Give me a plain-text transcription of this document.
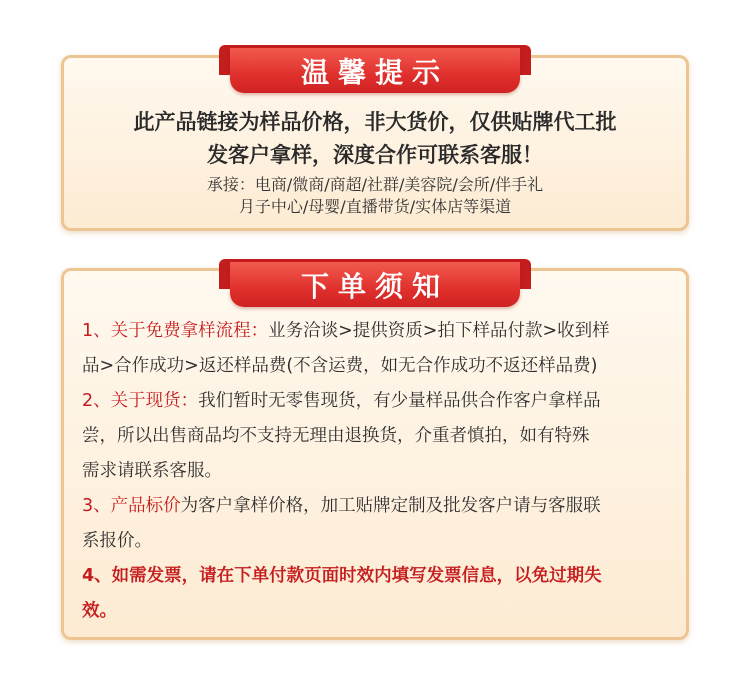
温馨提示
此产品链接为样品价格，非大货价，仅供贴牌代工批
发客户拿样，深度合作可联系客服！
承接：电商/微商/商超/社群/美容院/会所/伴手礼
月子中心/母婴/直播带货/实体店等渠道
下单须知
1、关于免费拿样流程：业务洽谈>提供资质>拍下样品付款>收到样
品>合作成功>返还样品费(不含运费，如无合作成功不返还样品费)
2、关于现货：我们暂时无零售现货，有少量样品供合作客户拿样品
尝，所以出售商品均不支持无理由退换货，介重者慎拍，如有特殊
需求请联系客服。
3、产品标价为客户拿样价格，加工贴牌定制及批发客户请与客服联
系报价。
4、如需发票，请在下单付款页面时效内填写发票信息，以免过期失
效。
